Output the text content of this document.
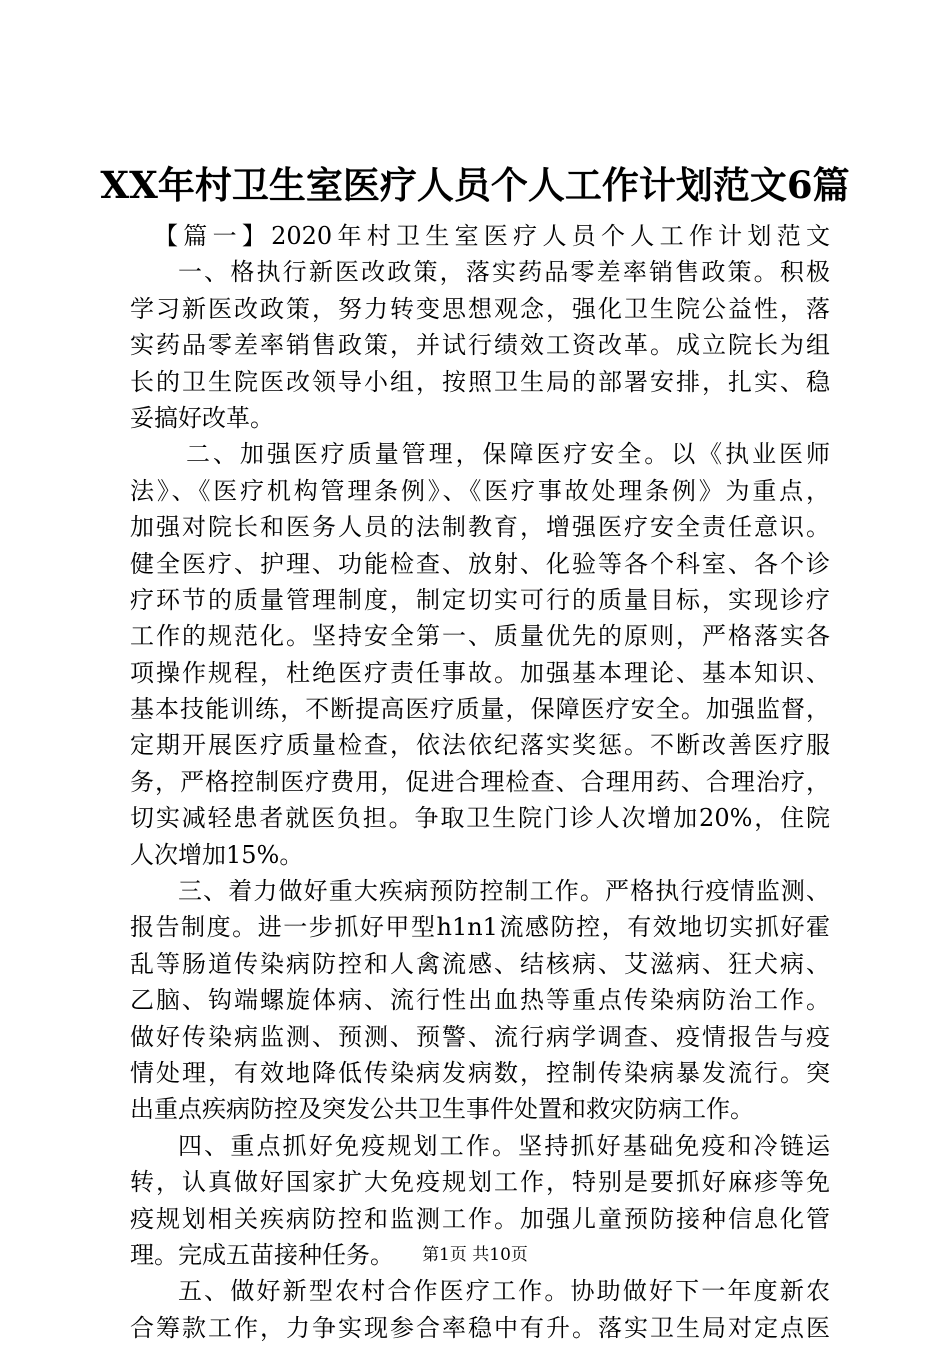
XX年村卫生室医疗人员个人工作计划范文6篇
【篇一】2020年村卫生室医疗人员个人工作计划范文
一、格执行新医改政策，落实药品零差率销售政策。积极
学习新医改政策，努力转变思想观念，强化卫生院公益性，落
实药品零差率销售政策，并试行绩效工资改革。成立院长为组
长的卫生院医改领导小组，按照卫生局的部署安排，扎实、稳
妥搞好改革。
二、加强医疗质量管理，保障医疗安全。以《执业医师
法》、《医疗机构管理条例》、《医疗事故处理条例》为重点，
加强对院长和医务人员的法制教育，增强医疗安全责任意识。
健全医疗、护理、功能检查、放射、化验等各个科室、各个诊
疗环节的质量管理制度，制定切实可行的质量目标，实现诊疗
工作的规范化。坚持安全第一、质量优先的原则，严格落实各
项操作规程，杜绝医疗责任事故。加强基本理论、基本知识、
基本技能训练，不断提高医疗质量，保障医疗安全。加强监督，
定期开展医疗质量检查，依法依纪落实奖惩。不断改善医疗服
务，严格控制医疗费用，促进合理检查、合理用药、合理治疗，
切实减轻患者就医负担。争取卫生院门诊人次增加20%，住院
人次增加15%。
三、着力做好重大疾病预防控制工作。严格执行疫情监测、
报告制度。进一步抓好甲型h1n1流感防控，有效地切实抓好霍
乱等肠道传染病防控和人禽流感、结核病、艾滋病、狂犬病、
乙脑、钩端螺旋体病、流行性出血热等重点传染病防治工作。
做好传染病监测、预测、预警、流行病学调查、疫情报告与疫
情处理，有效地降低传染病发病数，控制传染病暴发流行。突
出重点疾病防控及突发公共卫生事件处置和救灾防病工作。
四、重点抓好免疫规划工作。坚持抓好基础免疫和冷链运
转，认真做好国家扩大免疫规划工作，特别是要抓好麻疹等免
疫规划相关疾病防控和监测工作。加强儿童预防接种信息化管
理。完成五苗接种任务。
五、做好新型农村合作医疗工作。协助做好下一年度新农
合筹款工作，力争实现参合率稳中有升。落实卫生局对定点医
第1页 共10页
